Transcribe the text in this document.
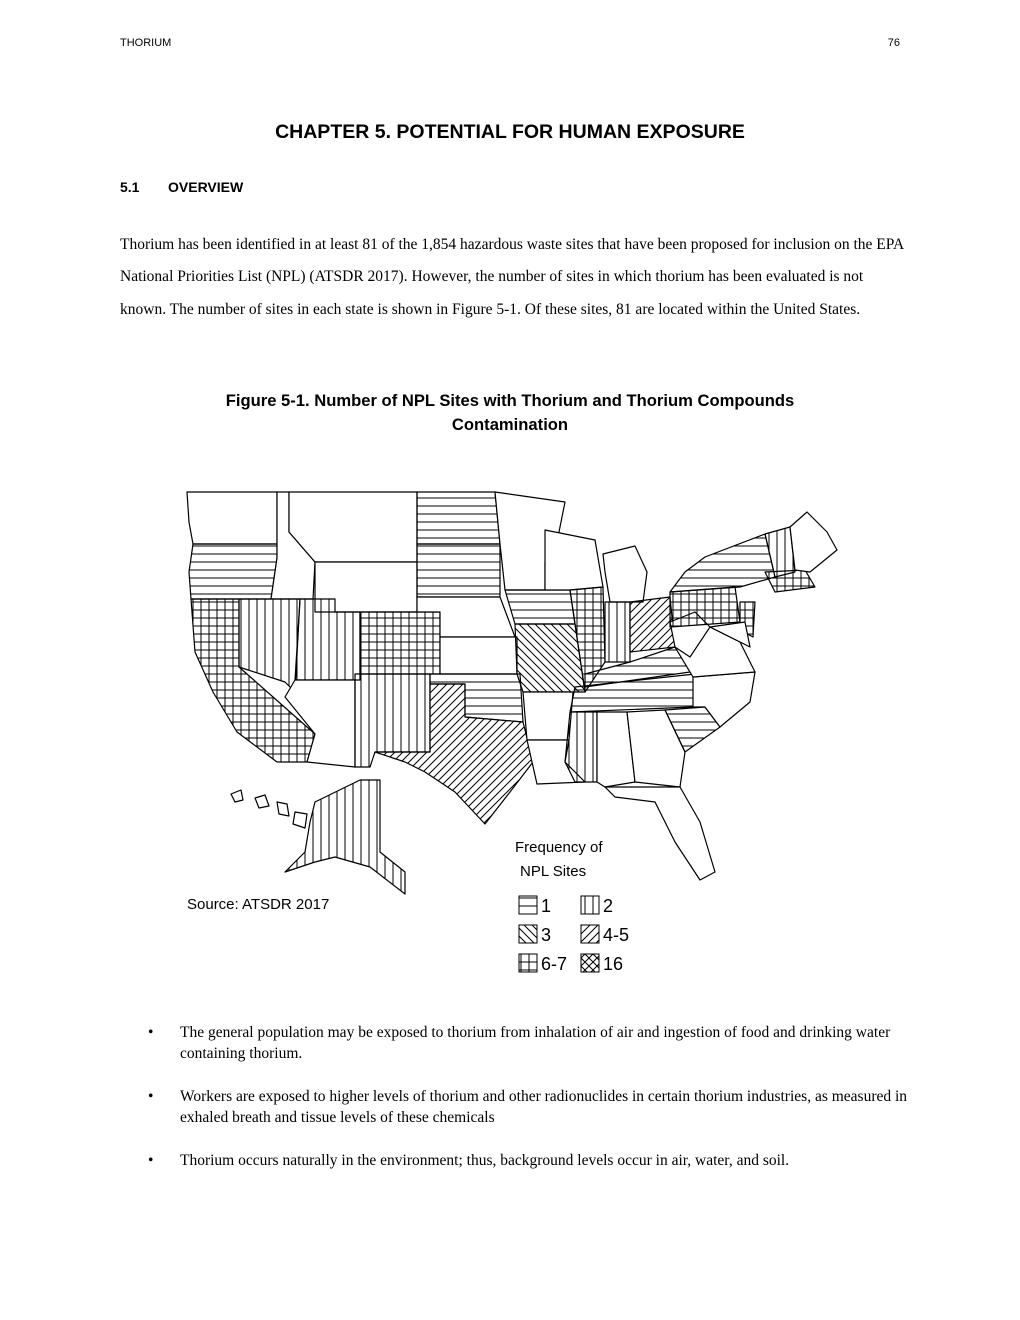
THORIUM	76
CHAPTER 5. POTENTIAL FOR HUMAN EXPOSURE
5.1 OVERVIEW

Thorium has been identified in at least 81 of the 1,854 hazardous waste sites that have been proposed for inclusion on the EPA National Priorities List (NPL) (ATSDR 2017). However, the number of sites in which thorium has been evaluated is not known. The number of sites in each state is shown in Figure 5-1. Of these sites, 81 are located within the United States.

Figure 5-1. Number of NPL Sites with Thorium and Thorium Compounds
Contamination
Source: ATSDR 2017
Frequency of
NPL Sites
1	2
3	4-5
6-7 16
• The general population may be exposed to thorium from inhalation of air and ingestion of food and drinking water containing thorium.
• Workers are exposed to higher levels of thorium and other radionuclides in certain thorium industries, as measured in exhaled breath and tissue levels of these chemicals
• Thorium occurs naturally in the environment; thus, background levels occur in air, water, and soil.
